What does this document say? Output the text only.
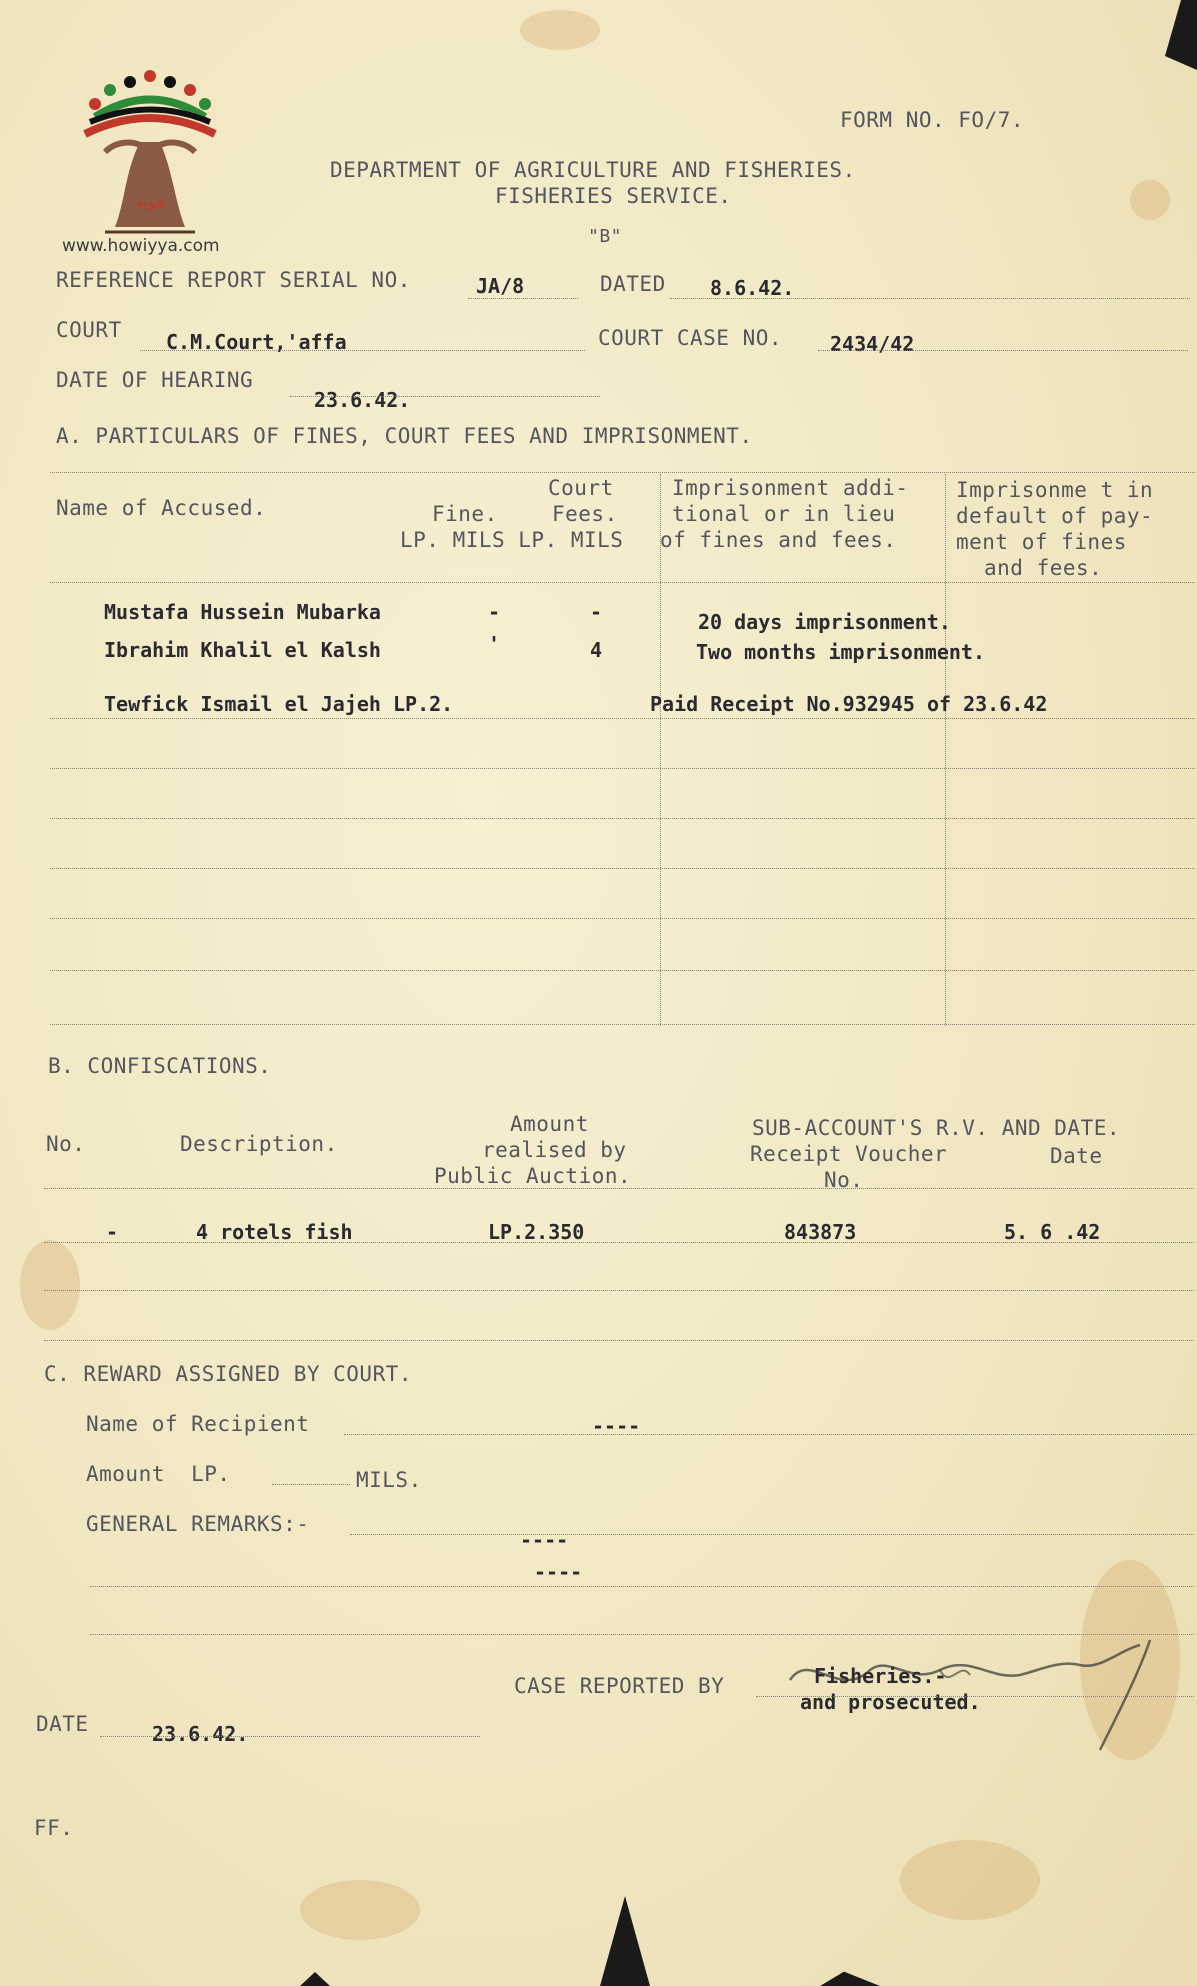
هوية
www.howiyya.com
FORM NO. FO/7.
DEPARTMENT OF AGRICULTURE AND FISHERIES.
FISHERIES SERVICE.
"B"
REFERENCE REPORT SERIAL NO.	JA/8	DATED 8.6.42.
COURT C.M.Court,'affa	COURT CASE NO. 2434/42
DATE OF HEARING
23.6.42.
A. PARTICULARS OF FINES, COURT FEES AND IMPRISONMENT.
Name of Accused.	Fine.
Court
Fees.
LP. MILS LP. MILS
Imprisonment addi-
tional or in lieu
of fines and fees.
Imprisonme t in
default of pay-
ment of fines
and fees.
Mustafa Hussein Mubarka	-	-	20 days imprisonment.
Ibrahim Khalil el Kalsh	'	4	Two months imprisonment.
Tewfick Ismail el Jajeh LP.2.	Paid Receipt No.932945 of 23.6.42
B. CONFISCATIONS.
No.	Description.
Amount
realised by
Public Auction.
SUB-ACCOUNT'S R.V. AND DATE.
Receipt Voucher
No.
Date
-	4 rotels fish	LP.2.350	843873	5. 6 .42
C. REWARD ASSIGNED BY COURT.
Name of Recipient	----
Amount  LP.	MILS.
GENERAL REMARKS:-
----
----
CASE REPORTED BY	Fisheries.-
and prosecuted.
DATE	23.6.42.
FF.
